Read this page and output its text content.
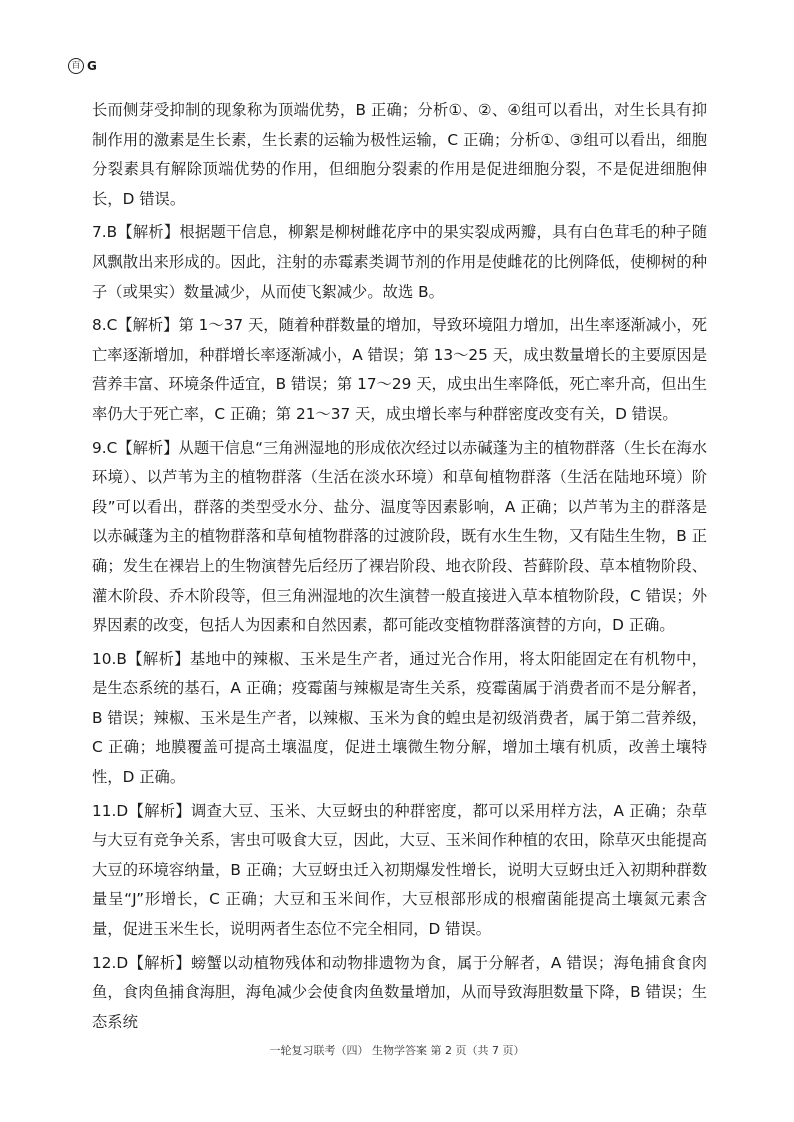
百 G

长而侧芽受抑制的现象称为顶端优势，B 正确；分析①、②、④组可以看出，对生长具有抑制作用的激素是生长素，生长素的运输为极性运输，C 正确；分析①、③组可以看出，细胞分裂素具有解除顶端优势的作用，但细胞分裂素的作用是促进细胞分裂，不是促进细胞伸长，D 错误。

7.B【解析】根据题干信息，柳絮是柳树雌花序中的果实裂成两瓣，具有白色茸毛的种子随风飘散出来形成的。因此，注射的赤霉素类调节剂的作用是使雌花的比例降低，使柳树的种子（或果实）数量减少，从而使飞絮减少。故选 B。

8.C【解析】第 1～37 天，随着种群数量的增加，导致环境阻力增加，出生率逐渐减小，死亡率逐渐增加，种群增长率逐渐减小，A 错误；第 13～25 天，成虫数量增长的主要原因是营养丰富、环境条件适宜，B 错误；第 17～29 天，成虫出生率降低，死亡率升高，但出生率仍大于死亡率，C 正确；第 21～37 天，成虫增长率与种群密度改变有关，D 错误。

9.C【解析】从题干信息“三角洲湿地的形成依次经过以赤碱蓬为主的植物群落（生长在海水环境）、以芦苇为主的植物群落（生活在淡水环境）和草甸植物群落（生活在陆地环境）阶段”可以看出，群落的类型受水分、盐分、温度等因素影响，A 正确；以芦苇为主的群落是以赤碱蓬为主的植物群落和草甸植物群落的过渡阶段，既有水生生物，又有陆生生物，B 正确；发生在裸岩上的生物演替先后经历了裸岩阶段、地衣阶段、苔藓阶段、草本植物阶段、灌木阶段、乔木阶段等，但三角洲湿地的次生演替一般直接进入草本植物阶段，C 错误；外界因素的改变，包括人为因素和自然因素，都可能改变植物群落演替的方向，D 正确。

10.B【解析】基地中的辣椒、玉米是生产者，通过光合作用，将太阳能固定在有机物中，是生态系统的基石，A 正确；疫霉菌与辣椒是寄生关系，疫霉菌属于消费者而不是分解者，B 错误；辣椒、玉米是生产者，以辣椒、玉米为食的蝗虫是初级消费者，属于第二营养级，C 正确；地膜覆盖可提高土壤温度，促进土壤微生物分解，增加土壤有机质，改善土壤特性，D 正确。

11.D【解析】调查大豆、玉米、大豆蚜虫的种群密度，都可以采用样方法，A 正确；杂草与大豆有竞争关系，害虫可吸食大豆，因此，大豆、玉米间作种植的农田，除草灭虫能提高大豆的环境容纳量，B 正确；大豆蚜虫迁入初期爆发性增长，说明大豆蚜虫迁入初期种群数量呈“J”形增长，C 正确；大豆和玉米间作，大豆根部形成的根瘤菌能提高土壤氮元素含量，促进玉米生长，说明两者生态位不完全相同，D 错误。

12.D【解析】螃蟹以动植物残体和动物排遗物为食，属于分解者，A 错误；海龟捕食食肉鱼，食肉鱼捕食海胆，海龟减少会使食肉鱼数量增加，从而导致海胆数量下降，B 错误；生态系统

一轮复习联考（四） 生物学答案 第 2 页（共 7 页）
